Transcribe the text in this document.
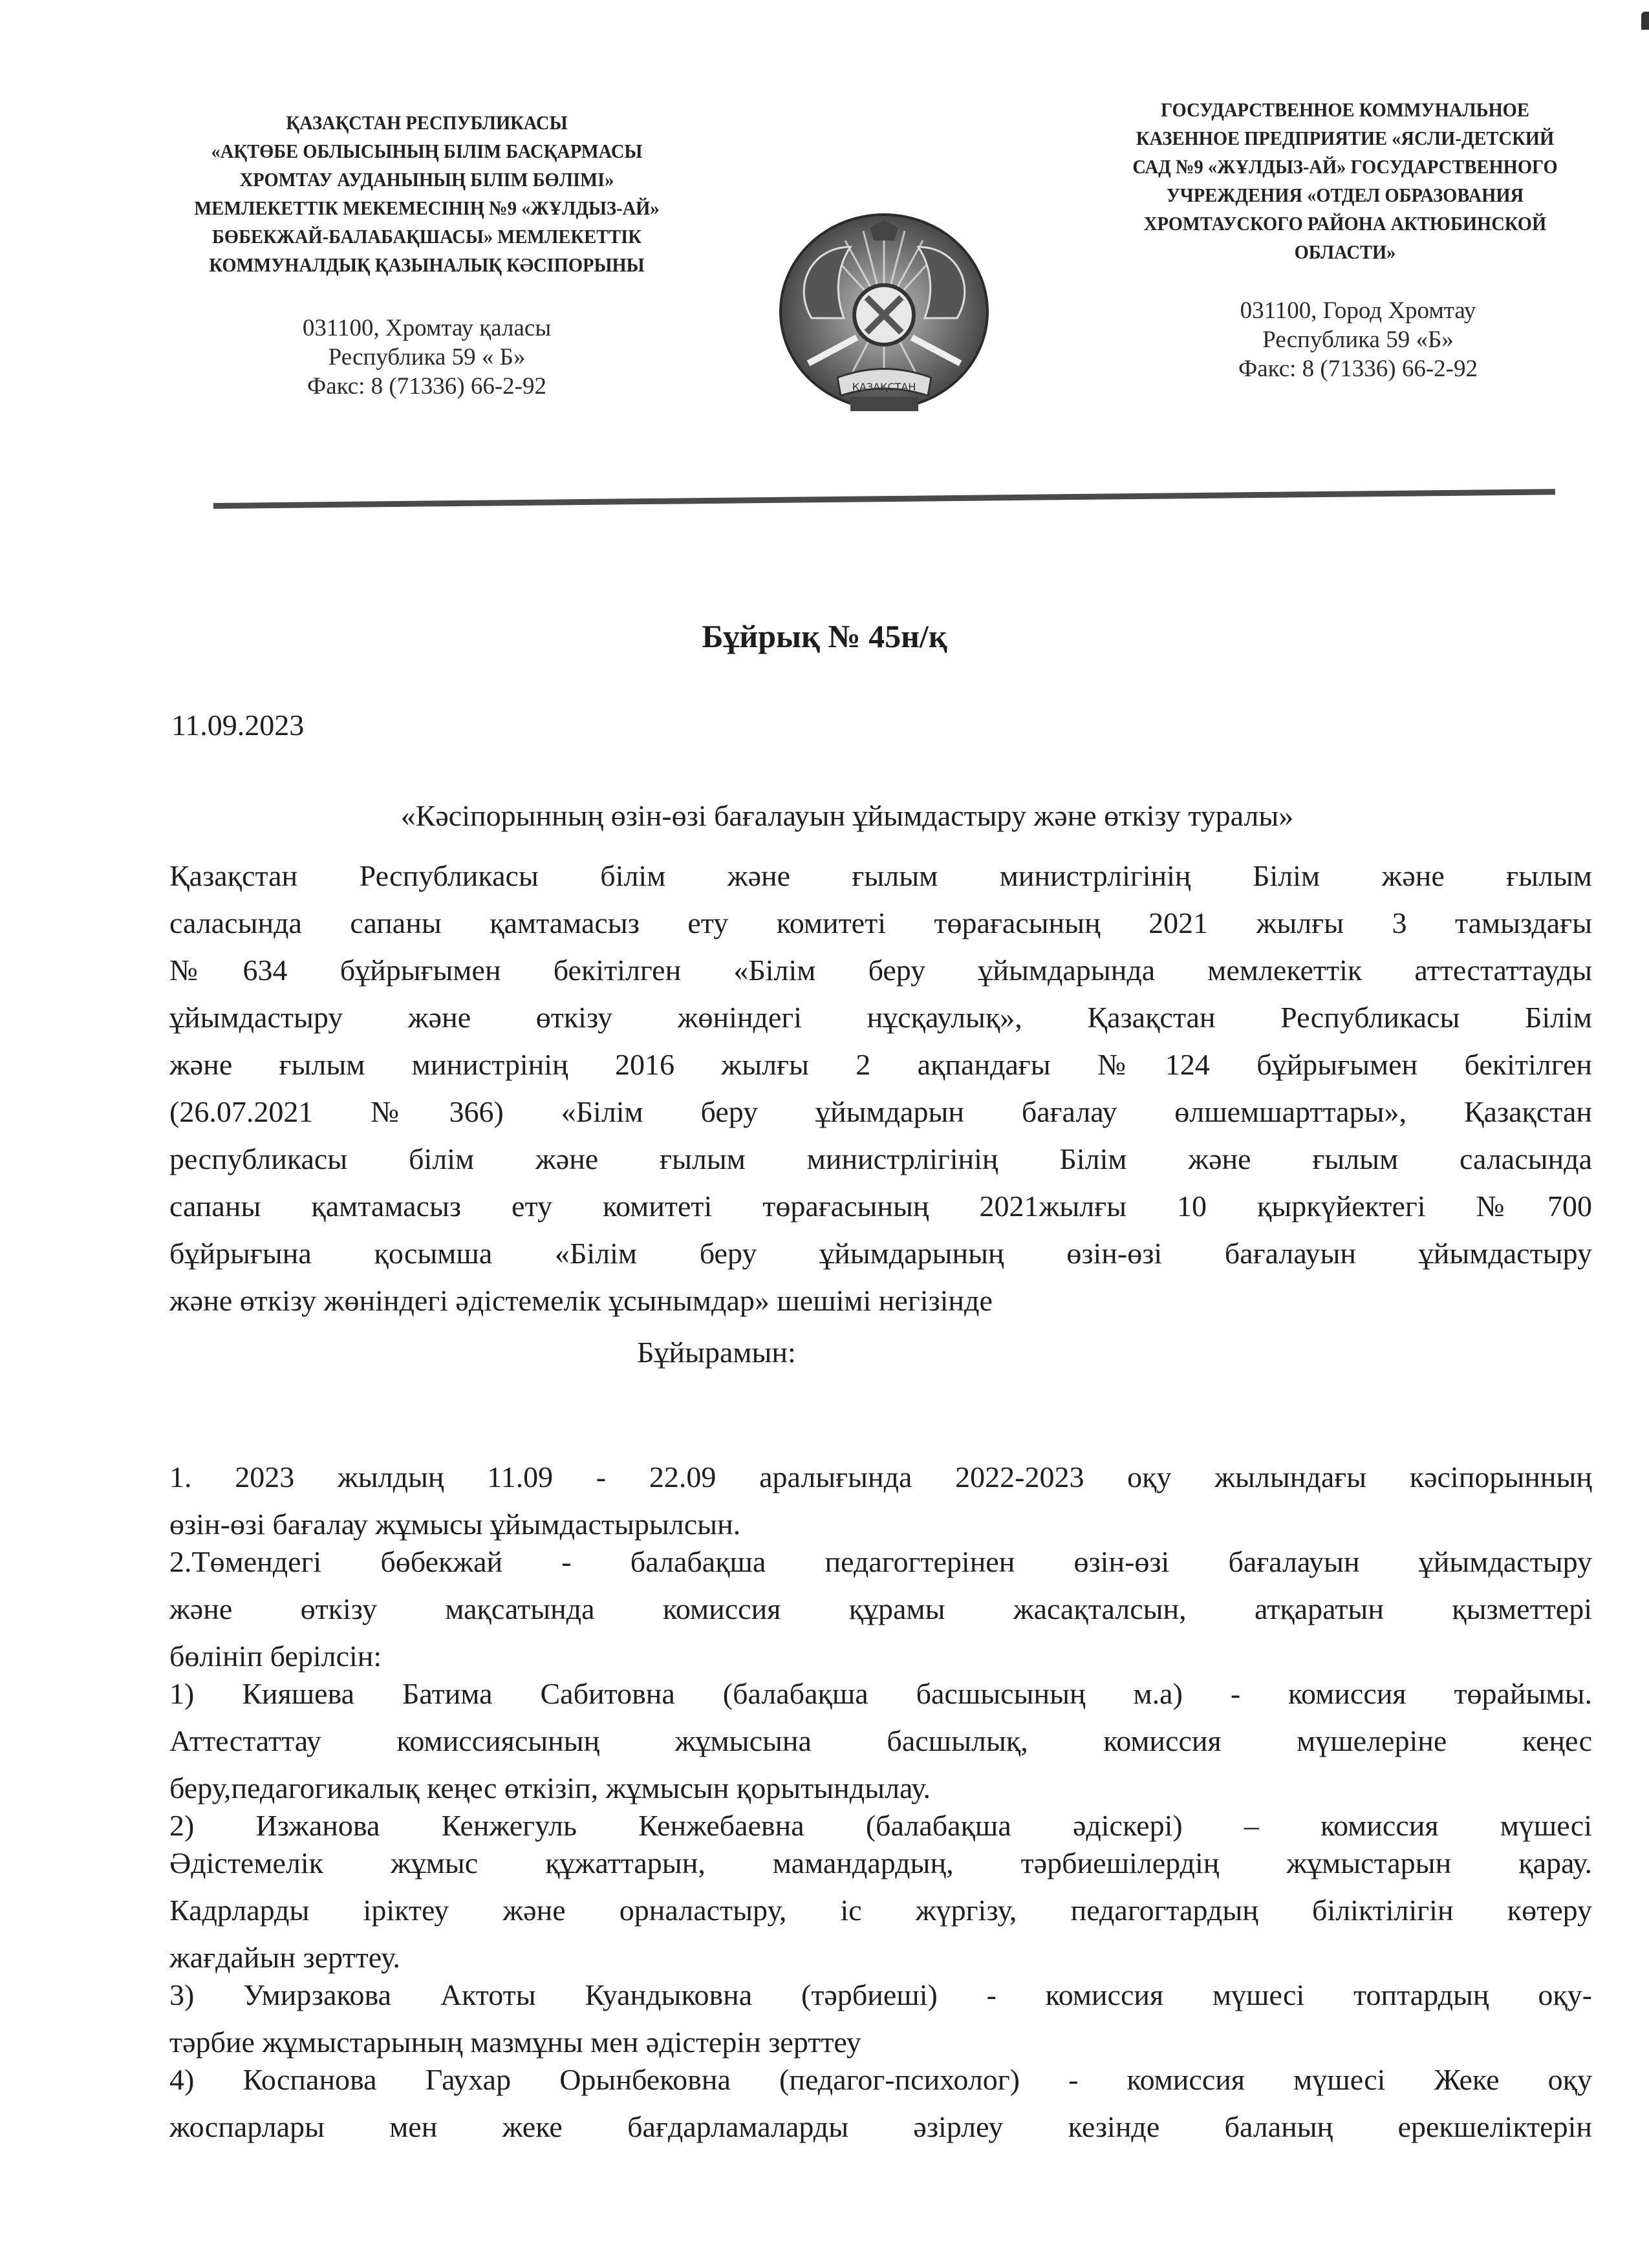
ҚАЗАҚСТАН РЕСПУБЛИКАСЫ
«АҚТӨБЕ ОБЛЫСЫНЫҢ БІЛІМ БАСҚАРМАСЫ
ХРОМТАУ АУДАНЫНЫҢ БІЛІМ БӨЛІМІ»
МЕМЛЕКЕТТІК МЕКЕМЕСІНІҢ №9 «ЖҰЛДЫЗ-АЙ»
БӨБЕКЖАЙ-БАЛАБАҚШАСЫ» МЕМЛЕКЕТТІК
КОММУНАЛДЫҚ ҚАЗЫНАЛЫҚ КӘСІПОРЫНЫ
031100, Хромтау қаласы
Республика 59 « Б»
Факс: 8 (71336) 66-2-92	ҚАЗАҚСТАН
ГОСУДАРСТВЕННОЕ КОММУНАЛЬНОЕ
КАЗЕННОЕ ПРЕДПРИЯТИЕ «ЯСЛИ-ДЕТСКИЙ
САД №9 «ЖҰЛДЫЗ-АЙ» ГОСУДАРСТВЕННОГО
УЧРЕЖДЕНИЯ «ОТДЕЛ ОБРАЗОВАНИЯ
ХРОМТАУСКОГО РАЙОНА АКТЮБИНСКОЙ
ОБЛАСТИ»
031100, Город Хромтау
Республика 59 «Б»
Факс: 8 (71336) 66-2-92
Бұйрық № 45н/қ
11.09.2023
«Кәсіпорынның өзін-өзі бағалауын ұйымдастыру және өткізу туралы»
Қазақстан Республикасы білім және ғылым министрлігінің Білім және ғылым
саласында сапаны қамтамасыз ету комитеті төрағасының 2021 жылғы 3 тамыздағы
№634 бұйрығымен бекітілген «Білім беру ұйымдарында мемлекеттік аттестаттауды
ұйымдастыру және өткізу жөніндегі нұсқаулық», Қазақстан Республикасы Білім
және ғылым министрінің 2016 жылғы 2 ақпандағы №124 бұйрығымен бекітілген
(26.07.2021 №366) «Білім беру ұйымдарын бағалау өлшемшарттары», Қазақстан
республикасы білім және ғылым министрлігінің Білім және ғылым саласында
сапаны қамтамасыз ету комитеті төрағасының 2021жылғы 10 қыркүйектегі №700
бұйрығына қосымша «Білім беру ұйымдарының өзін-өзі бағалауын ұйымдастыру
және өткізу жөніндегі әдістемелік ұсынымдар» шешімі негізінде
Бұйырамын:
1. 2023 жылдың 11.09 - 22.09 аралығында 2022-2023 оқу жылындағы кәсіпорынның
өзін-өзі бағалау жұмысы ұйымдастырылсын.
2.Төмендегі бөбекжай - балабақша педагогтерінен өзін-өзі бағалауын ұйымдастыру
және өткізу мақсатында комиссия құрамы жасақталсын, атқаратын қызметтері
бөлініп берілсін:
1) Кияшева Батима Сабитовна (балабақша басшысының м.а) - комиссия төрайымы.
Аттестаттау комиссиясының жұмысына басшылық, комиссия мүшелеріне кеңес
беру,педагогикалық кеңес өткізіп, жұмысын қорытындылау.
2) Изжанова Кенжегуль Кенжебаевна (балабақша әдіскері) – комиссия мүшесі
Әдістемелік жұмыс құжаттарын, мамандардың, тәрбиешілердің жұмыстарын қарау.
Кадрларды іріктеу және орналастыру, іс жүргізу, педагогтардың біліктілігін көтеру
жағдайын зерттеу.
3) Умирзакова Актоты Куандыковна (тәрбиеші) - комиссия мүшесі топтардың оқу-
тәрбие жұмыстарының мазмұны мен әдістерін зерттеу
4) Коспанова Гаухар Орынбековна (педагог-психолог) - комиссия мүшесі Жеке оқу
жоспарлары мен жеке бағдарламаларды әзірлеу кезінде баланың ерекшеліктерін
